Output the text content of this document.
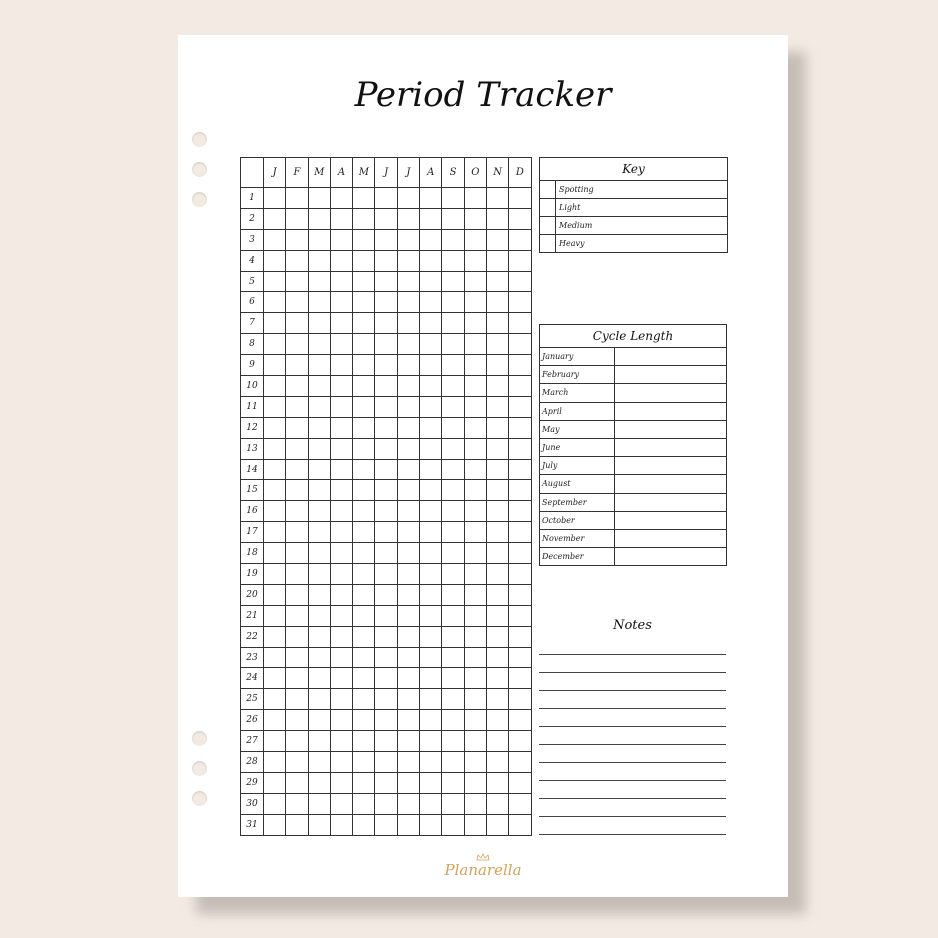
Period Tracker
	J	F	M	A	M	J	J	A	S	O	N	D
1												
2												
3												
4												
5												
6												
7												
8												
9												
10												
11												
12												
13												
14												
15												
16												
17												
18												
19												
20												
21												
22												
23												
24												
25												
26												
27												
28												
29												
30												
31												
Key
Spotting
Light
Medium
Heavy
Cycle Length
January
February
March
April
May
June
July
August
September
October
November
December
Notes
Planarella
